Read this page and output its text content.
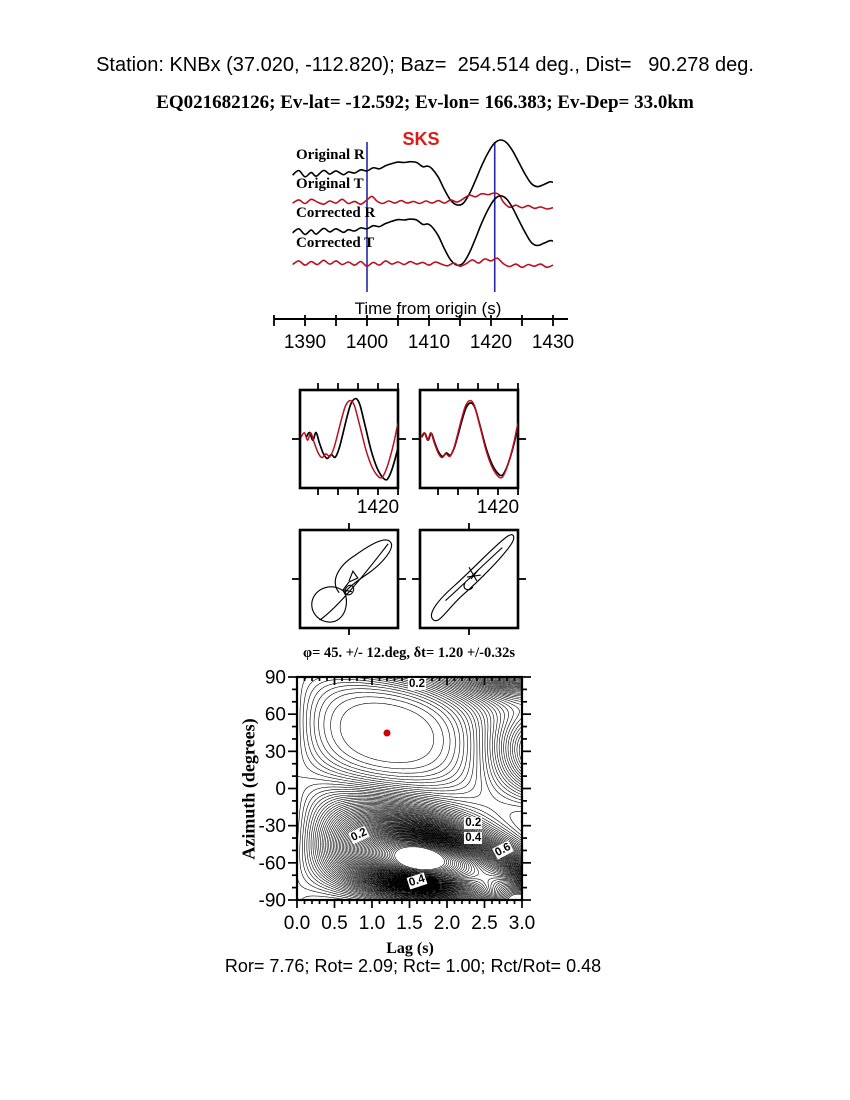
1390 1400 1410 1420 1430
90
60
30
0
-30
-60
-90
0.0 0.5 1.0 1.5 2.0 2.5 3.0
Station: KNBx (37.020, -112.820); Baz=  254.514 deg., Dist=   90.278 deg.
EQ021682126; Ev-lat= -12.592; Ev-lon= 166.383; Ev-Dep= 33.0km
SKS
Original R
Original T
Corrected R
Corrected T
Time from origin (s)
1420	1420
φ= 45. +/- 12.deg, δt= 1.20 +/-0.32s
Azimuth (degrees)
Lag (s)
Ror= 7.76; Rot= 2.09; Rct= 1.00; Rct/Rot= 0.48
0.2
0.2
0.2
0.4
0.6
0.4
